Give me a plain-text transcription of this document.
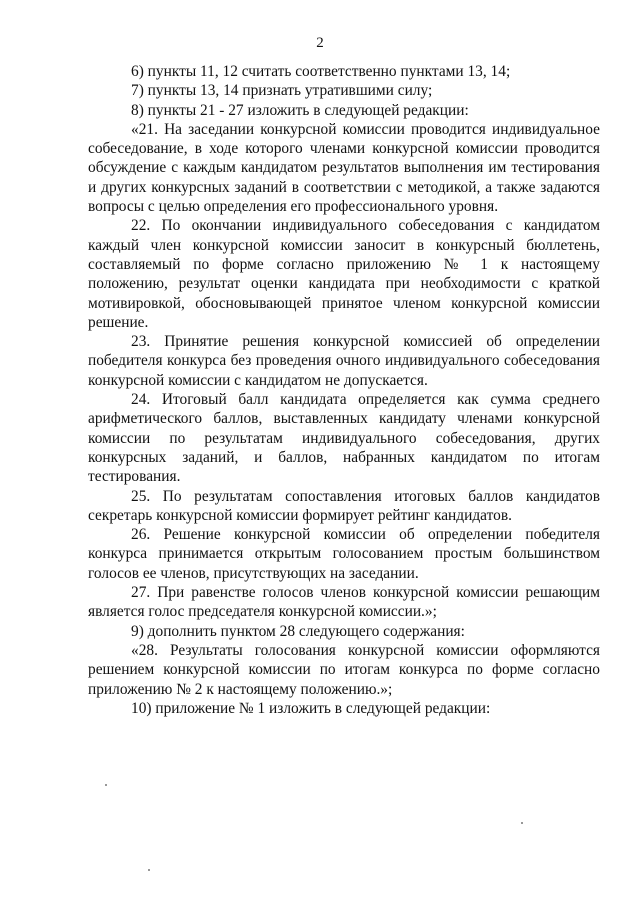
2

6) пункты 11, 12 считать соответственно пунктами 13, 14;

7) пункты 13, 14 признать утратившими силу;

8) пункты 21 - 27 изложить в следующей редакции:

«21. На заседании конкурсной комиссии проводится индивидуальное собеседование, в ходе которого членами конкурсной комиссии проводится обсуждение с каждым кандидатом результатов выполнения им тестирования и других конкурсных заданий в соответствии с методикой, а также задаются вопросы с целью определения его профессионального уровня.

22. По окончании индивидуального собеседования с кандидатом каждый член конкурсной комиссии заносит в конкурсный бюллетень, составляемый по форме согласно приложению № 1 к настоящему положению, результат оценки кандидата при необходимости с краткой мотивировкой, обосновывающей принятое членом конкурсной комиссии решение.

23. Принятие решения конкурсной комиссией об определении победителя конкурса без проведения очного индивидуального собеседования конкурсной комиссии с кандидатом не допускается.

24. Итоговый балл кандидата определяется как сумма среднего арифметического баллов, выставленных кандидату членами конкурсной комиссии по результатам индивидуального собеседования, других конкурсных заданий, и баллов, набранных кандидатом по итогам тестирования.

25. По результатам сопоставления итоговых баллов кандидатов секретарь конкурсной комиссии формирует рейтинг кандидатов.

26. Решение конкурсной комиссии об определении победителя конкурса принимается открытым голосованием простым большинством голосов ее членов, присутствующих на заседании.

27. При равенстве голосов членов конкурсной комиссии решающим является голос председателя конкурсной комиссии.»;

9) дополнить пунктом 28 следующего содержания:

«28. Результаты голосования конкурсной комиссии оформляются решением конкурсной комиссии по итогам конкурса по форме согласно приложению № 2 к настоящему положению.»;

10) приложение № 1 изложить в следующей редакции:
